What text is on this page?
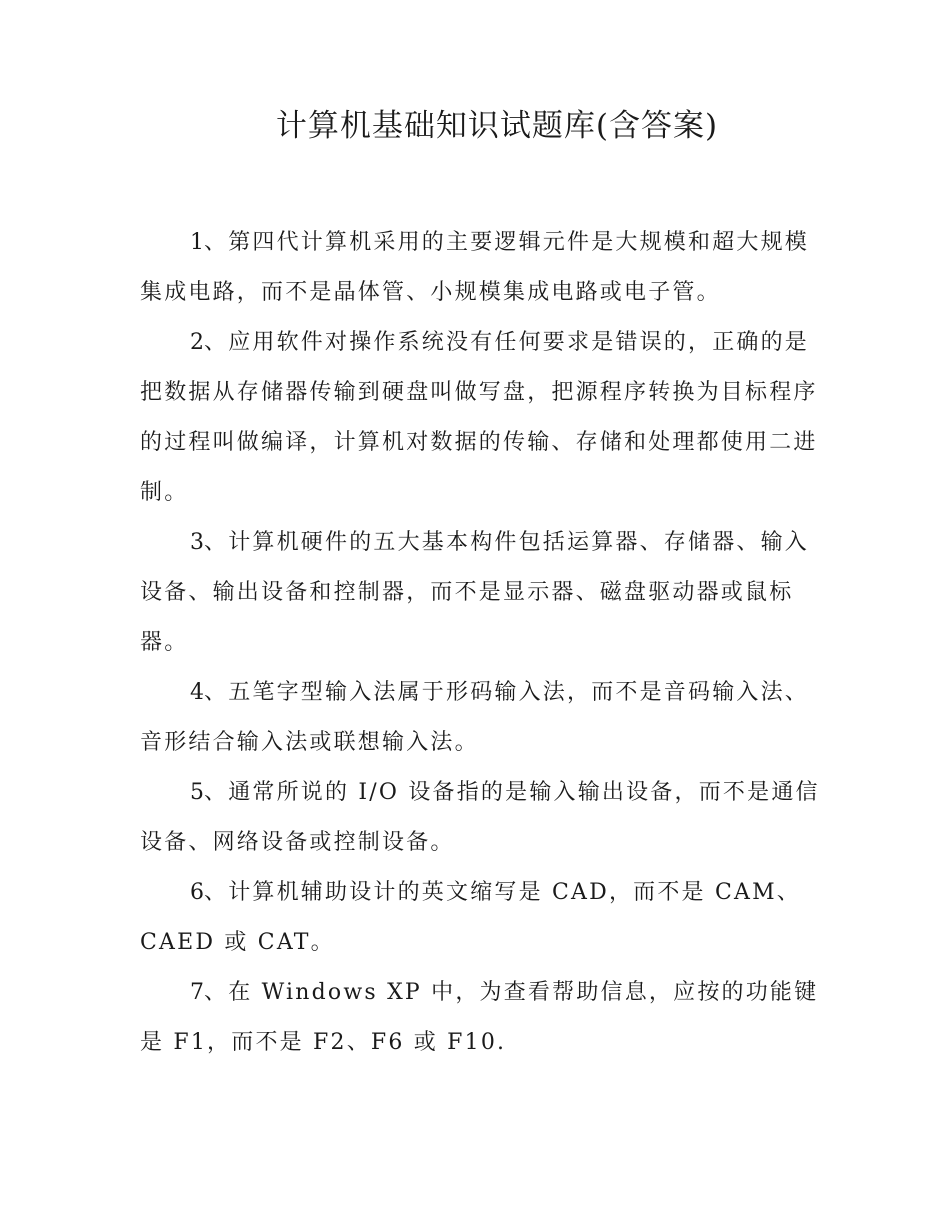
计算机基础知识试题库(含答案)

1、第四代计算机采用的主要逻辑元件是大规模和超大规模集成电路，而不是晶体管、小规模集成电路或电子管。

2、应用软件对操作系统没有任何要求是错误的，正确的是把数据从存储器传输到硬盘叫做写盘，把源程序转换为目标程序的过程叫做编译，计算机对数据的传输、存储和处理都使用二进制。

3、计算机硬件的五大基本构件包括运算器、存储器、输入设备、输出设备和控制器，而不是显示器、磁盘驱动器或鼠标器。

4、五笔字型输入法属于形码输入法，而不是音码输入法、音形结合输入法或联想输入法。

5、通常所说的 I/O 设备指的是输入输出设备，而不是通信设备、网络设备或控制设备。

6、计算机辅助设计的英文缩写是 CAD，而不是 CAM、CAED 或 CAT。

7、在 Windows XP 中，为查看帮助信息，应按的功能键是 F1，而不是 F2、F6 或 F10.
